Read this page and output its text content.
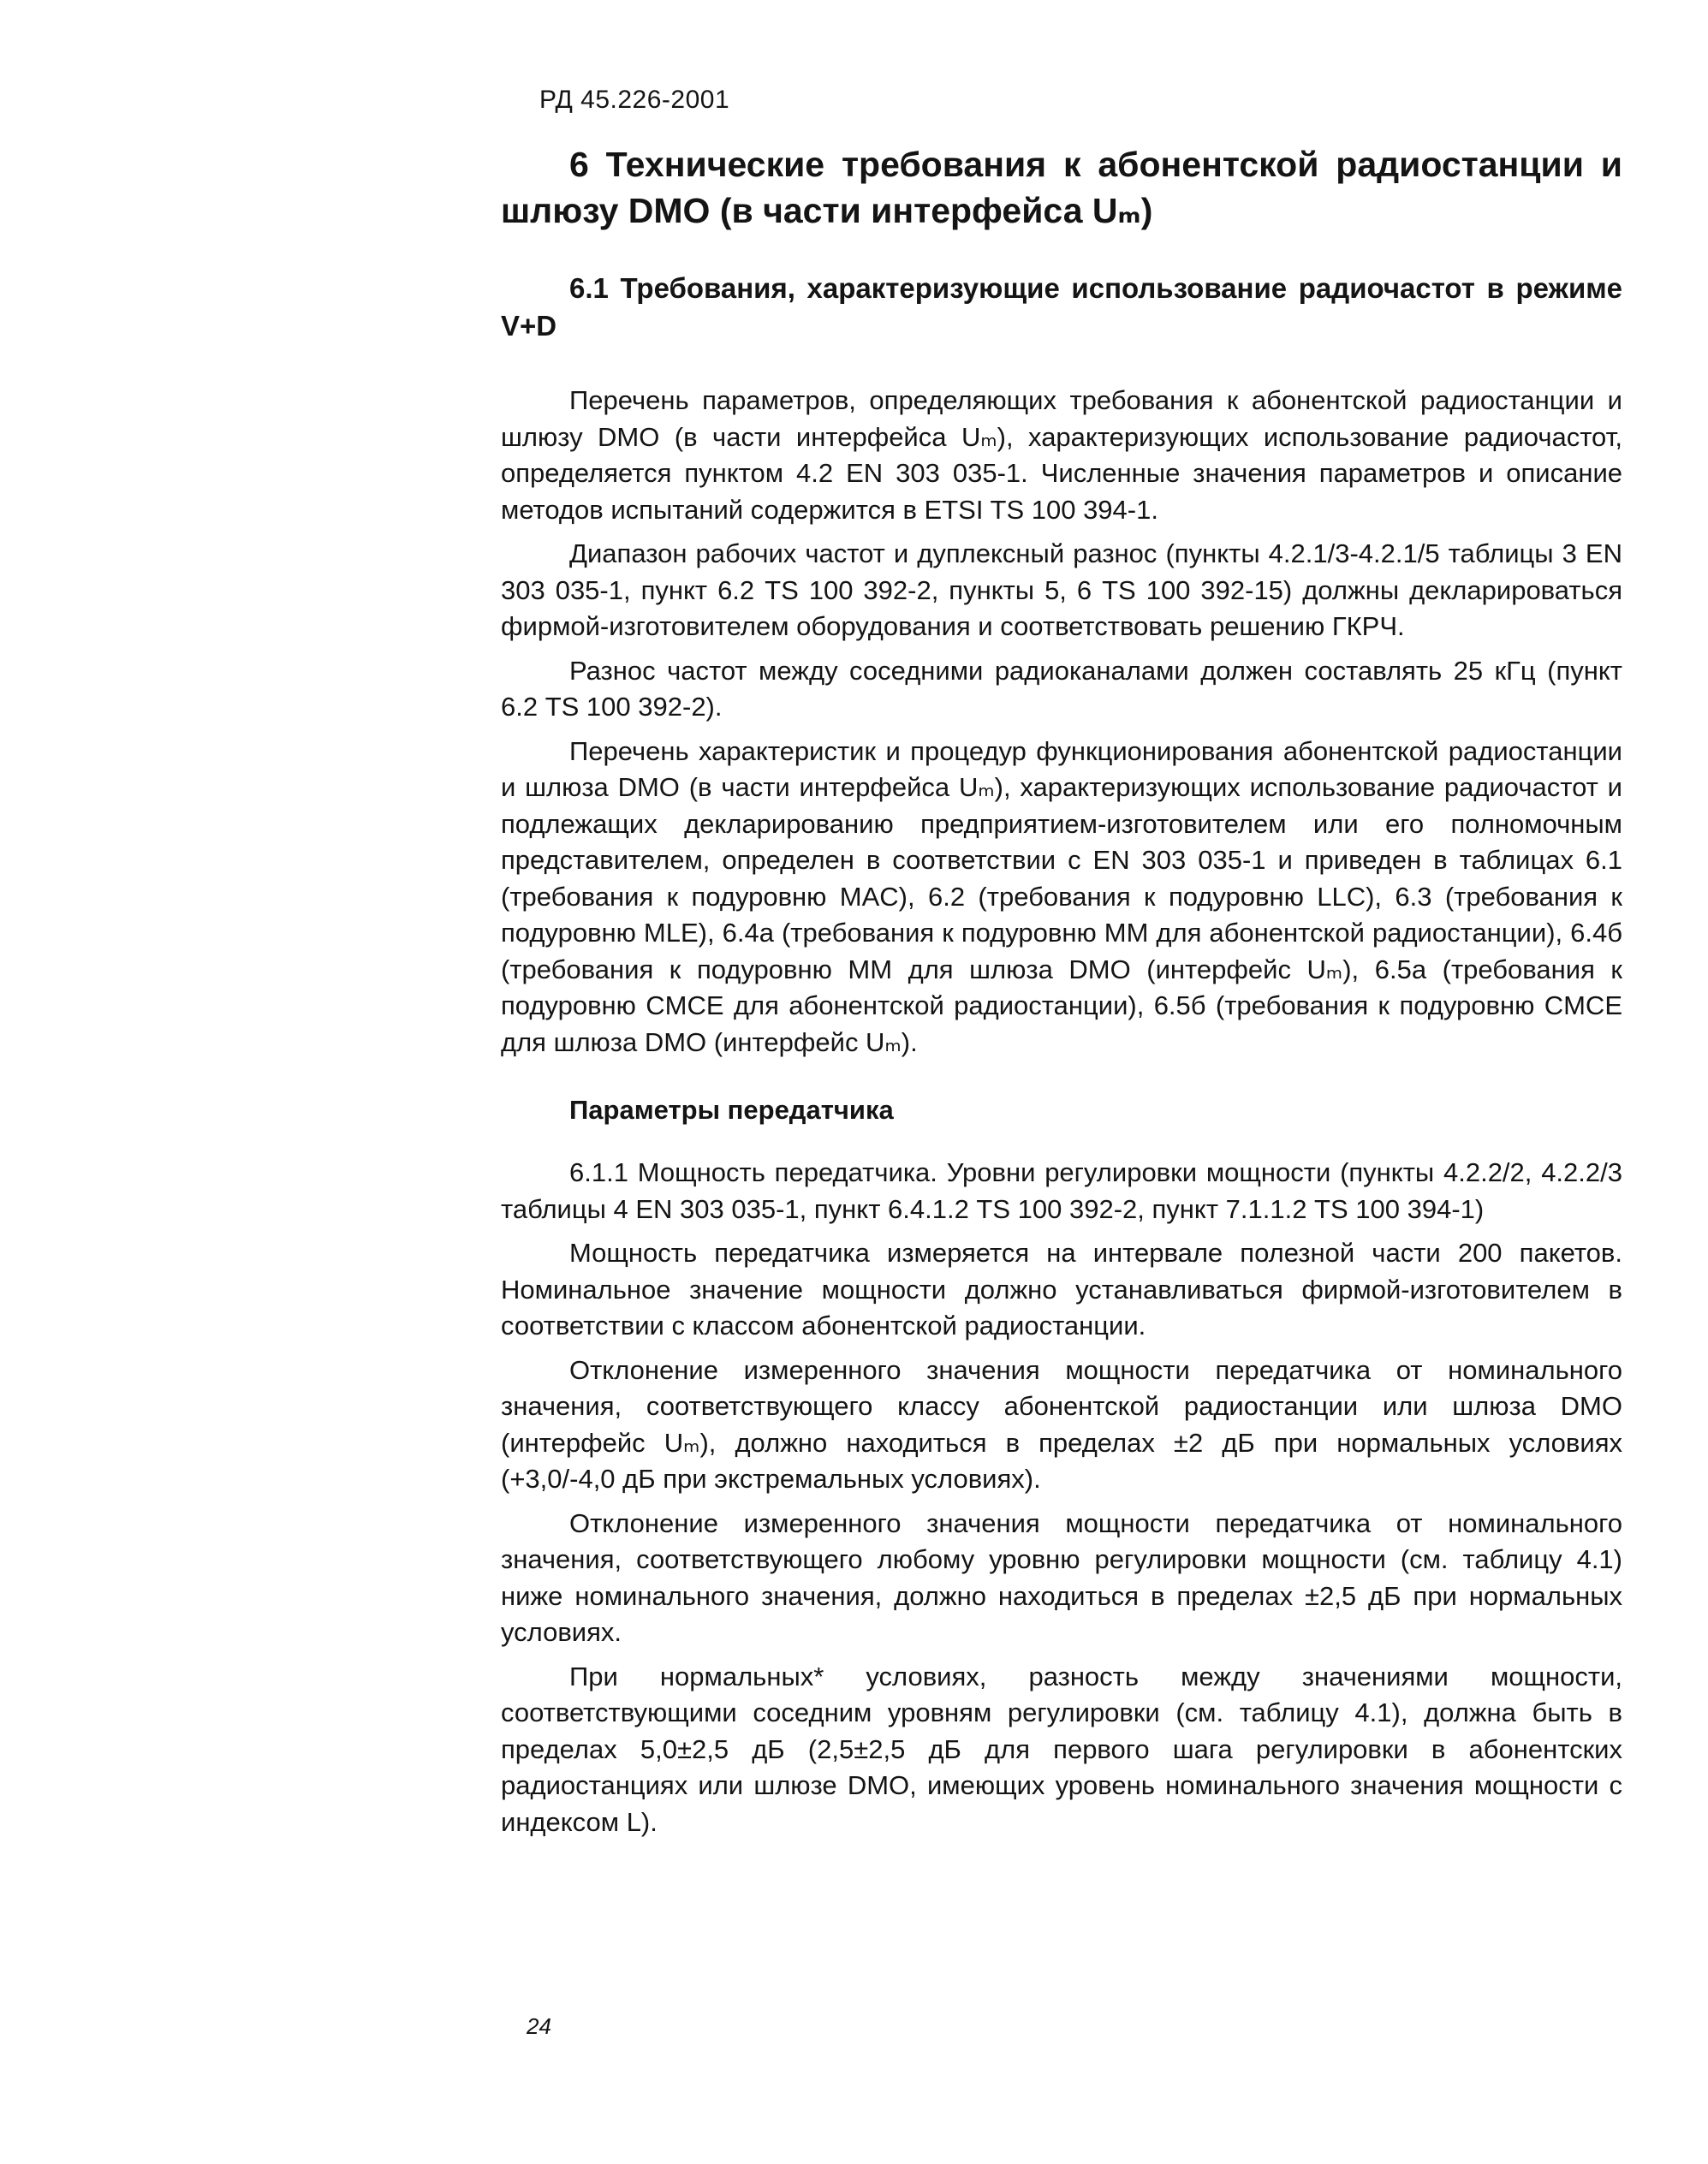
РД 45.226-2001
6 Технические требования к абонентской радиостанции и шлюзу DMO (в части интерфейса Uₘ)
6.1 Требования, характеризующие использование радиочастот в режиме V+D

Перечень параметров, определяющих требования к абонентской радиостанции и шлюзу DMO (в части интерфейса Uₘ), характеризующих использование радиочастот, определяется пунктом 4.2 EN 303 035-1. Численные значения параметров и описание методов испытаний содержится в ETSI TS 100 394-1.

Диапазон рабочих частот и дуплексный разнос (пункты 4.2.1/3-4.2.1/5 таблицы 3 EN 303 035-1, пункт 6.2 TS 100 392-2, пункты 5, 6 TS 100 392-15) должны декларироваться фирмой-изготовителем оборудования и соответствовать решению ГКРЧ.

Разнос частот между соседними радиоканалами должен составлять 25 кГц (пункт 6.2 TS 100 392-2).

Перечень характеристик и процедур функционирования абонентской радиостанции и шлюза DMO (в части интерфейса Uₘ), характеризующих использование радиочастот и подлежащих декларированию предприятием-изготовителем или его полномочным представителем, определен в соответствии с EN 303 035-1 и приведен в таблицах 6.1 (требования к подуровню MAC), 6.2 (требования к подуровню LLC), 6.3 (требования к подуровню MLE), 6.4а (требования к подуровню MM для абонентской радиостанции), 6.4б (требования к подуровню MM для шлюза DMO (интерфейс Uₘ), 6.5а (требования к подуровню CMCE для абонентской радиостанции), 6.5б (требования к подуровню CMCE для шлюза DMO (интерфейс Uₘ).

Параметры передатчика

6.1.1 Мощность передатчика. Уровни регулировки мощности (пункты 4.2.2/2, 4.2.2/3 таблицы 4 EN 303 035-1, пункт 6.4.1.2 TS 100 392-2, пункт 7.1.1.2 TS 100 394-1)

Мощность передатчика измеряется на интервале полезной части 200 пакетов. Номинальное значение мощности должно устанавливаться фирмой-изготовителем в соответствии с классом абонентской радиостанции.

Отклонение измеренного значения мощности передатчика от номинального значения, соответствующего классу абонентской радиостанции или шлюза DMO (интерфейс Uₘ), должно находиться в пределах ±2 дБ при нормальных условиях (+3,0/-4,0 дБ при экстремальных условиях).

Отклонение измеренного значения мощности передатчика от номинального значения, соответствующего любому уровню регулировки мощности (см. таблицу 4.1) ниже номинального значения, должно находиться в пределах ±2,5 дБ при нормальных условиях.

При нормальных* условиях, разность между значениями мощности, соответствующими соседним уровням регулировки (см. таблицу 4.1), должна быть в пределах 5,0±2,5 дБ (2,5±2,5 дБ для первого шага регулировки в абонентских радиостанциях или шлюзе DMO, имеющих уровень номинального значения мощности с индексом L).

24
